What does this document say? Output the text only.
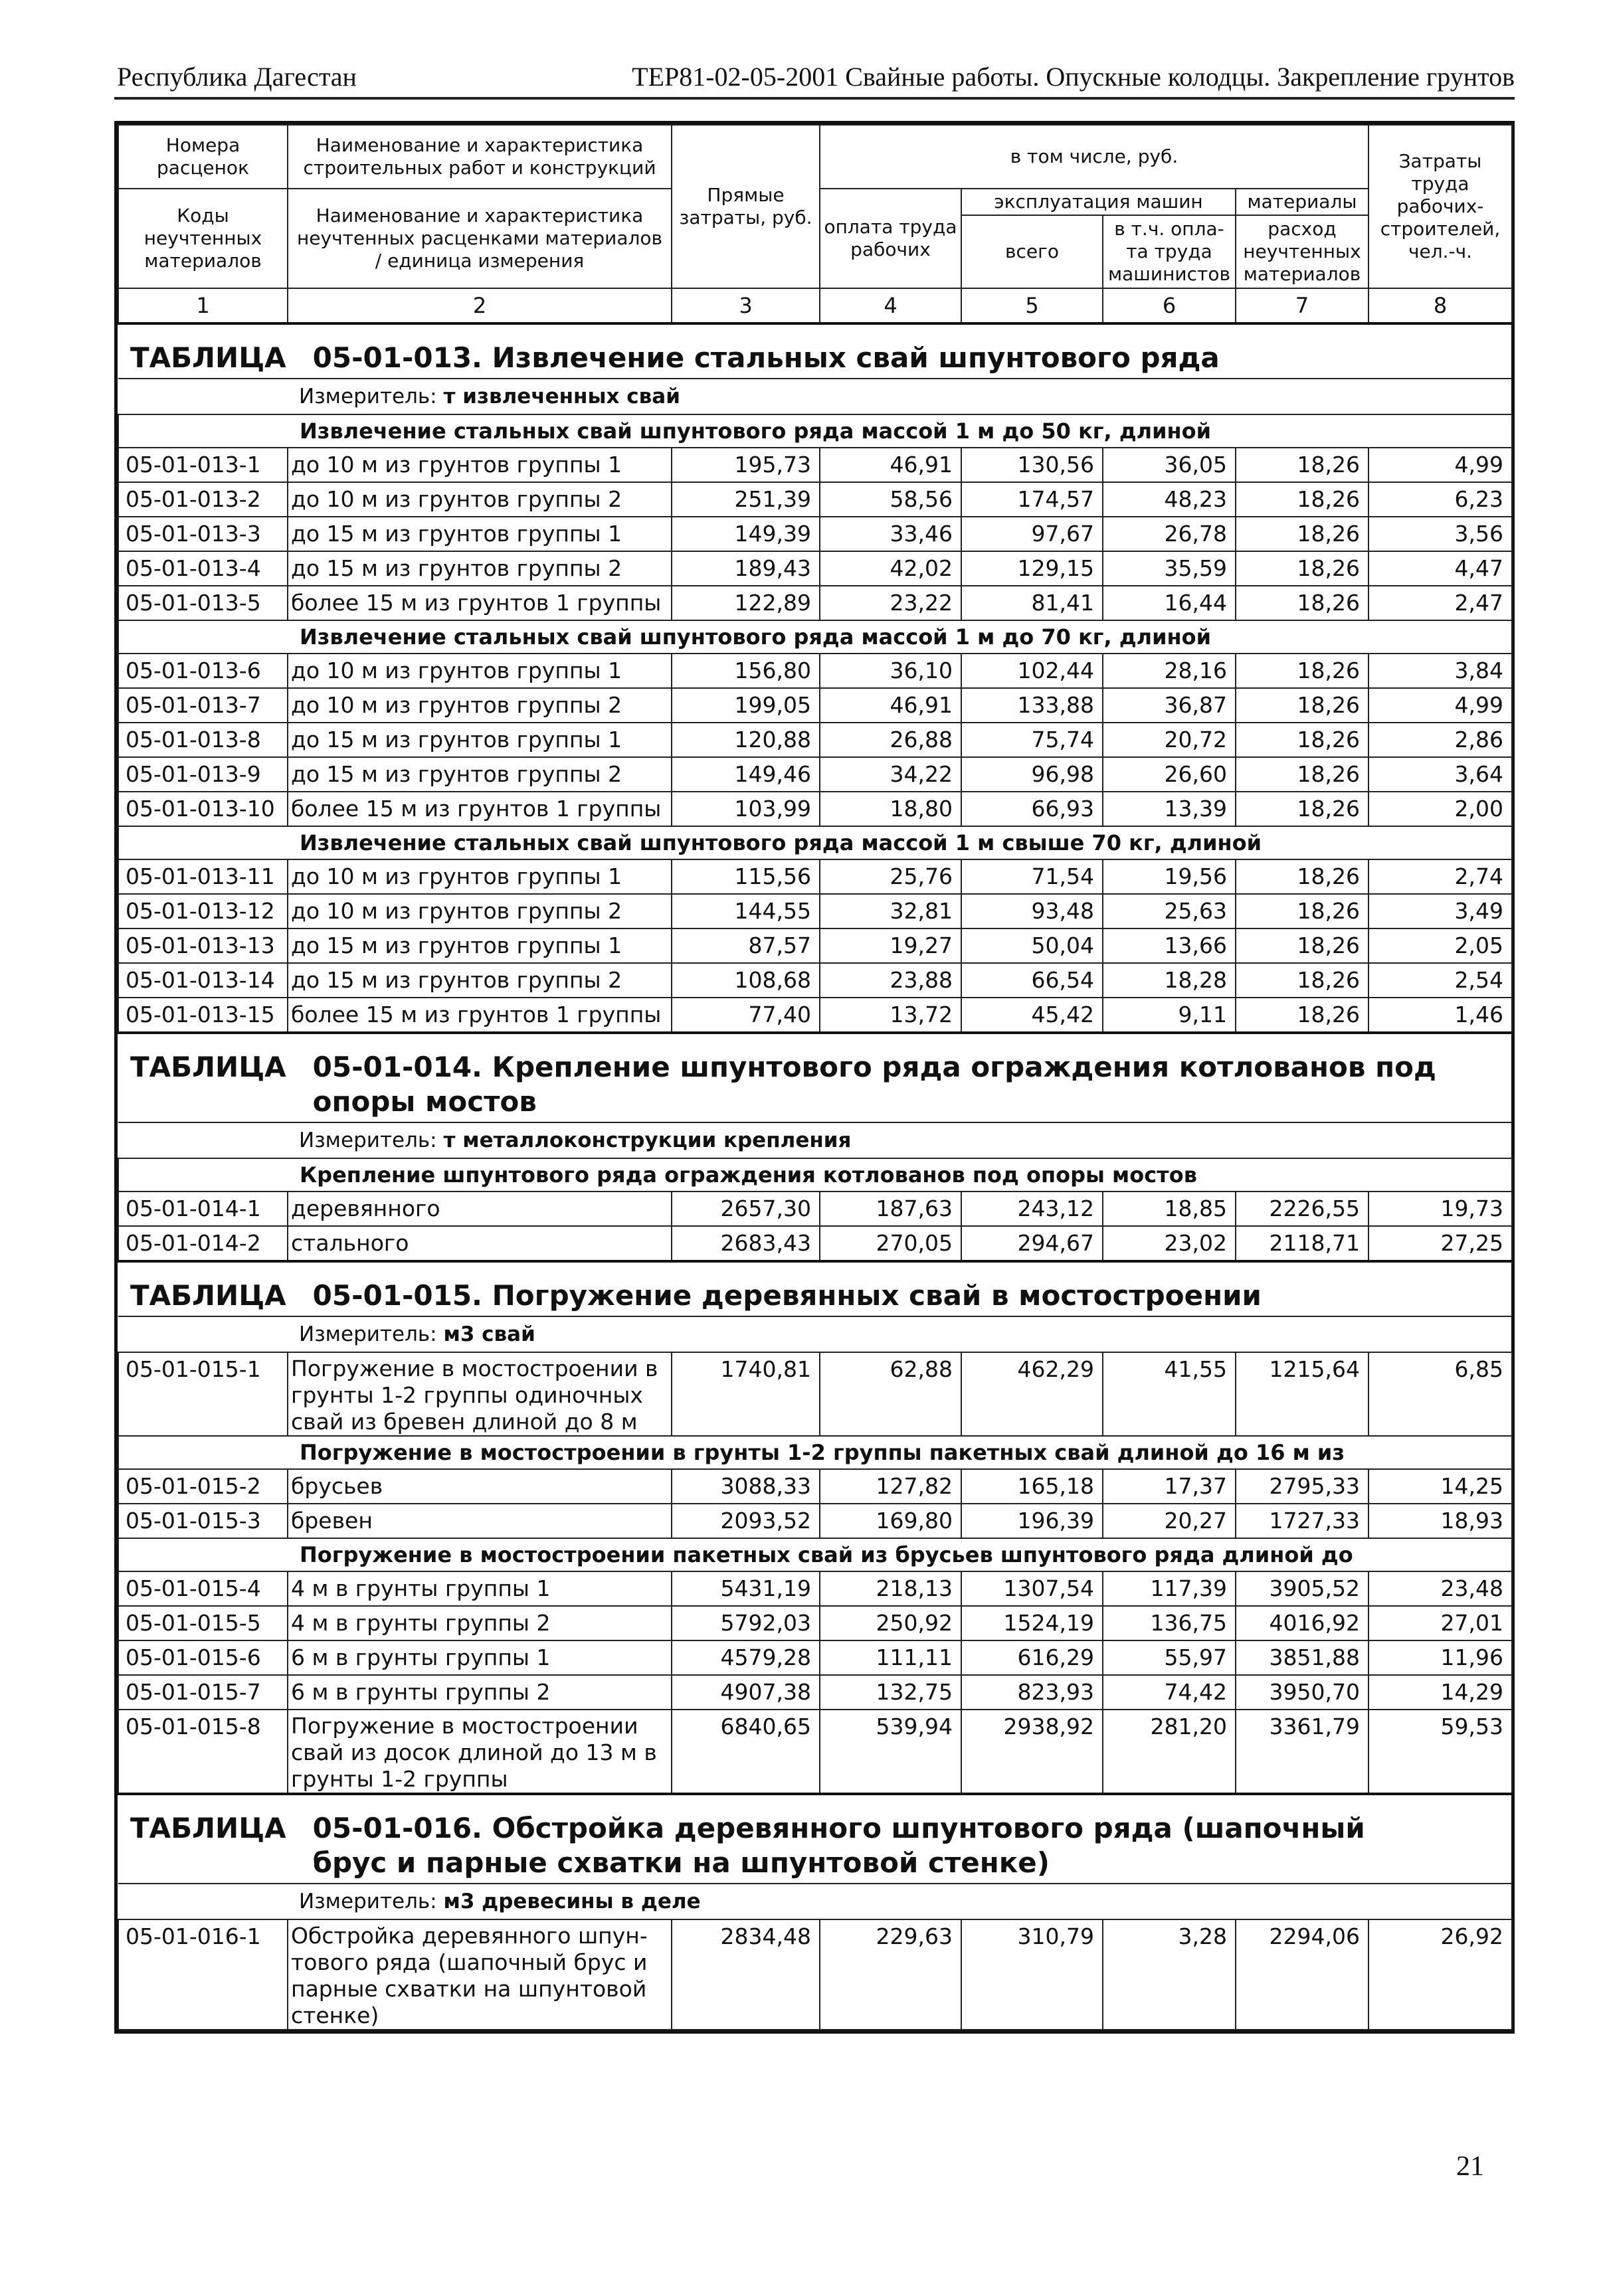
Республика Дагестан	ТЕР81-02-05-2001 Свайные работы. Опускные колодцы. Закрепление грунтов
Номера расценок	Наименование и характеристика строительных работ и конструкций	Прямые затраты, руб.	в том числе, руб.				Затраты труда рабочих-строителей, чел.-ч.
Коды неучтенных материалов	Наименование и характеристика неучтенных расценками материалов / единица измерения		оплата труда рабочих	эксплуатация машин		материалы	
				всего	в т.ч. опла-та труда машинистов	расход неучтенных материалов	
1	2	3	4	5	6	7	8
ТАБЛИЦА 05-01-013. Извлечение стальных свай шпунтового ряда							
Измеритель: т извлеченных свай							
Извлечение стальных свай шпунтового ряда массой 1 м до 50 кг, длиной							
05-01-013-1	до 10 м из грунтов группы 1	195,73	46,91	130,56	36,05	18,26	4,99
05-01-013-2	до 10 м из грунтов группы 2	251,39	58,56	174,57	48,23	18,26	6,23
05-01-013-3	до 15 м из грунтов группы 1	149,39	33,46	97,67	26,78	18,26	3,56
05-01-013-4	до 15 м из грунтов группы 2	189,43	42,02	129,15	35,59	18,26	4,47
05-01-013-5	более 15 м из грунтов 1 группы	122,89	23,22	81,41	16,44	18,26	2,47
Извлечение стальных свай шпунтового ряда массой 1 м до 70 кг, длиной							
05-01-013-6	до 10 м из грунтов группы 1	156,80	36,10	102,44	28,16	18,26	3,84
05-01-013-7	до 10 м из грунтов группы 2	199,05	46,91	133,88	36,87	18,26	4,99
05-01-013-8	до 15 м из грунтов группы 1	120,88	26,88	75,74	20,72	18,26	2,86
05-01-013-9	до 15 м из грунтов группы 2	149,46	34,22	96,98	26,60	18,26	3,64
05-01-013-10	более 15 м из грунтов 1 группы	103,99	18,80	66,93	13,39	18,26	2,00
Извлечение стальных свай шпунтового ряда массой 1 м свыше 70 кг, длиной							
05-01-013-11	до 10 м из грунтов группы 1	115,56	25,76	71,54	19,56	18,26	2,74
05-01-013-12	до 10 м из грунтов группы 2	144,55	32,81	93,48	25,63	18,26	3,49
05-01-013-13	до 15 м из грунтов группы 1	87,57	19,27	50,04	13,66	18,26	2,05
05-01-013-14	до 15 м из грунтов группы 2	108,68	23,88	66,54	18,28	18,26	2,54
05-01-013-15	более 15 м из грунтов 1 группы	77,40	13,72	45,42	9,11	18,26	1,46
ТАБЛИЦА 05-01-014. Крепление шпунтового ряда ограждения котлованов под опоры мостов							
Измеритель: т металлоконструкции крепления							
Крепление шпунтового ряда ограждения котлованов под опоры мостов							
05-01-014-1	деревянного	2657,30	187,63	243,12	18,85	2226,55	19,73
05-01-014-2	стального	2683,43	270,05	294,67	23,02	2118,71	27,25
ТАБЛИЦА 05-01-015. Погружение деревянных свай в мостостроении							
Измеритель: м3 свай							
05-01-015-1	Погружение в мостостроении в грунты 1-2 группы одиночных свай из бревен длиной до 8 м	1740,81	62,88	462,29	41,55	1215,64	6,85
Погружение в мостостроении в грунты 1-2 группы пакетных свай длиной до 16 м из							
05-01-015-2	брусьев	3088,33	127,82	165,18	17,37	2795,33	14,25
05-01-015-3	бревен	2093,52	169,80	196,39	20,27	1727,33	18,93
Погружение в мостостроении пакетных свай из брусьев шпунтового ряда длиной до							
05-01-015-4	4 м в грунты группы 1	5431,19	218,13	1307,54	117,39	3905,52	23,48
05-01-015-5	4 м в грунты группы 2	5792,03	250,92	1524,19	136,75	4016,92	27,01
05-01-015-6	6 м в грунты группы 1	4579,28	111,11	616,29	55,97	3851,88	11,96
05-01-015-7	6 м в грунты группы 2	4907,38	132,75	823,93	74,42	3950,70	14,29
05-01-015-8	Погружение в мостостроении свай из досок длиной до 13 м в грунты 1-2 группы	6840,65	539,94	2938,92	281,20	3361,79	59,53
ТАБЛИЦА 05-01-016. Обстройка деревянного шпунтового ряда (шапочный брус и парные схватки на шпунтовой стенке)							
Измеритель: м3 древесины в деле							
05-01-016-1	Обстройка деревянного шпун-тового ряда (шапочный брус и парные схватки на шпунтовой стенке)	2834,48	229,63	310,79	3,28	2294,06	26,92
21
